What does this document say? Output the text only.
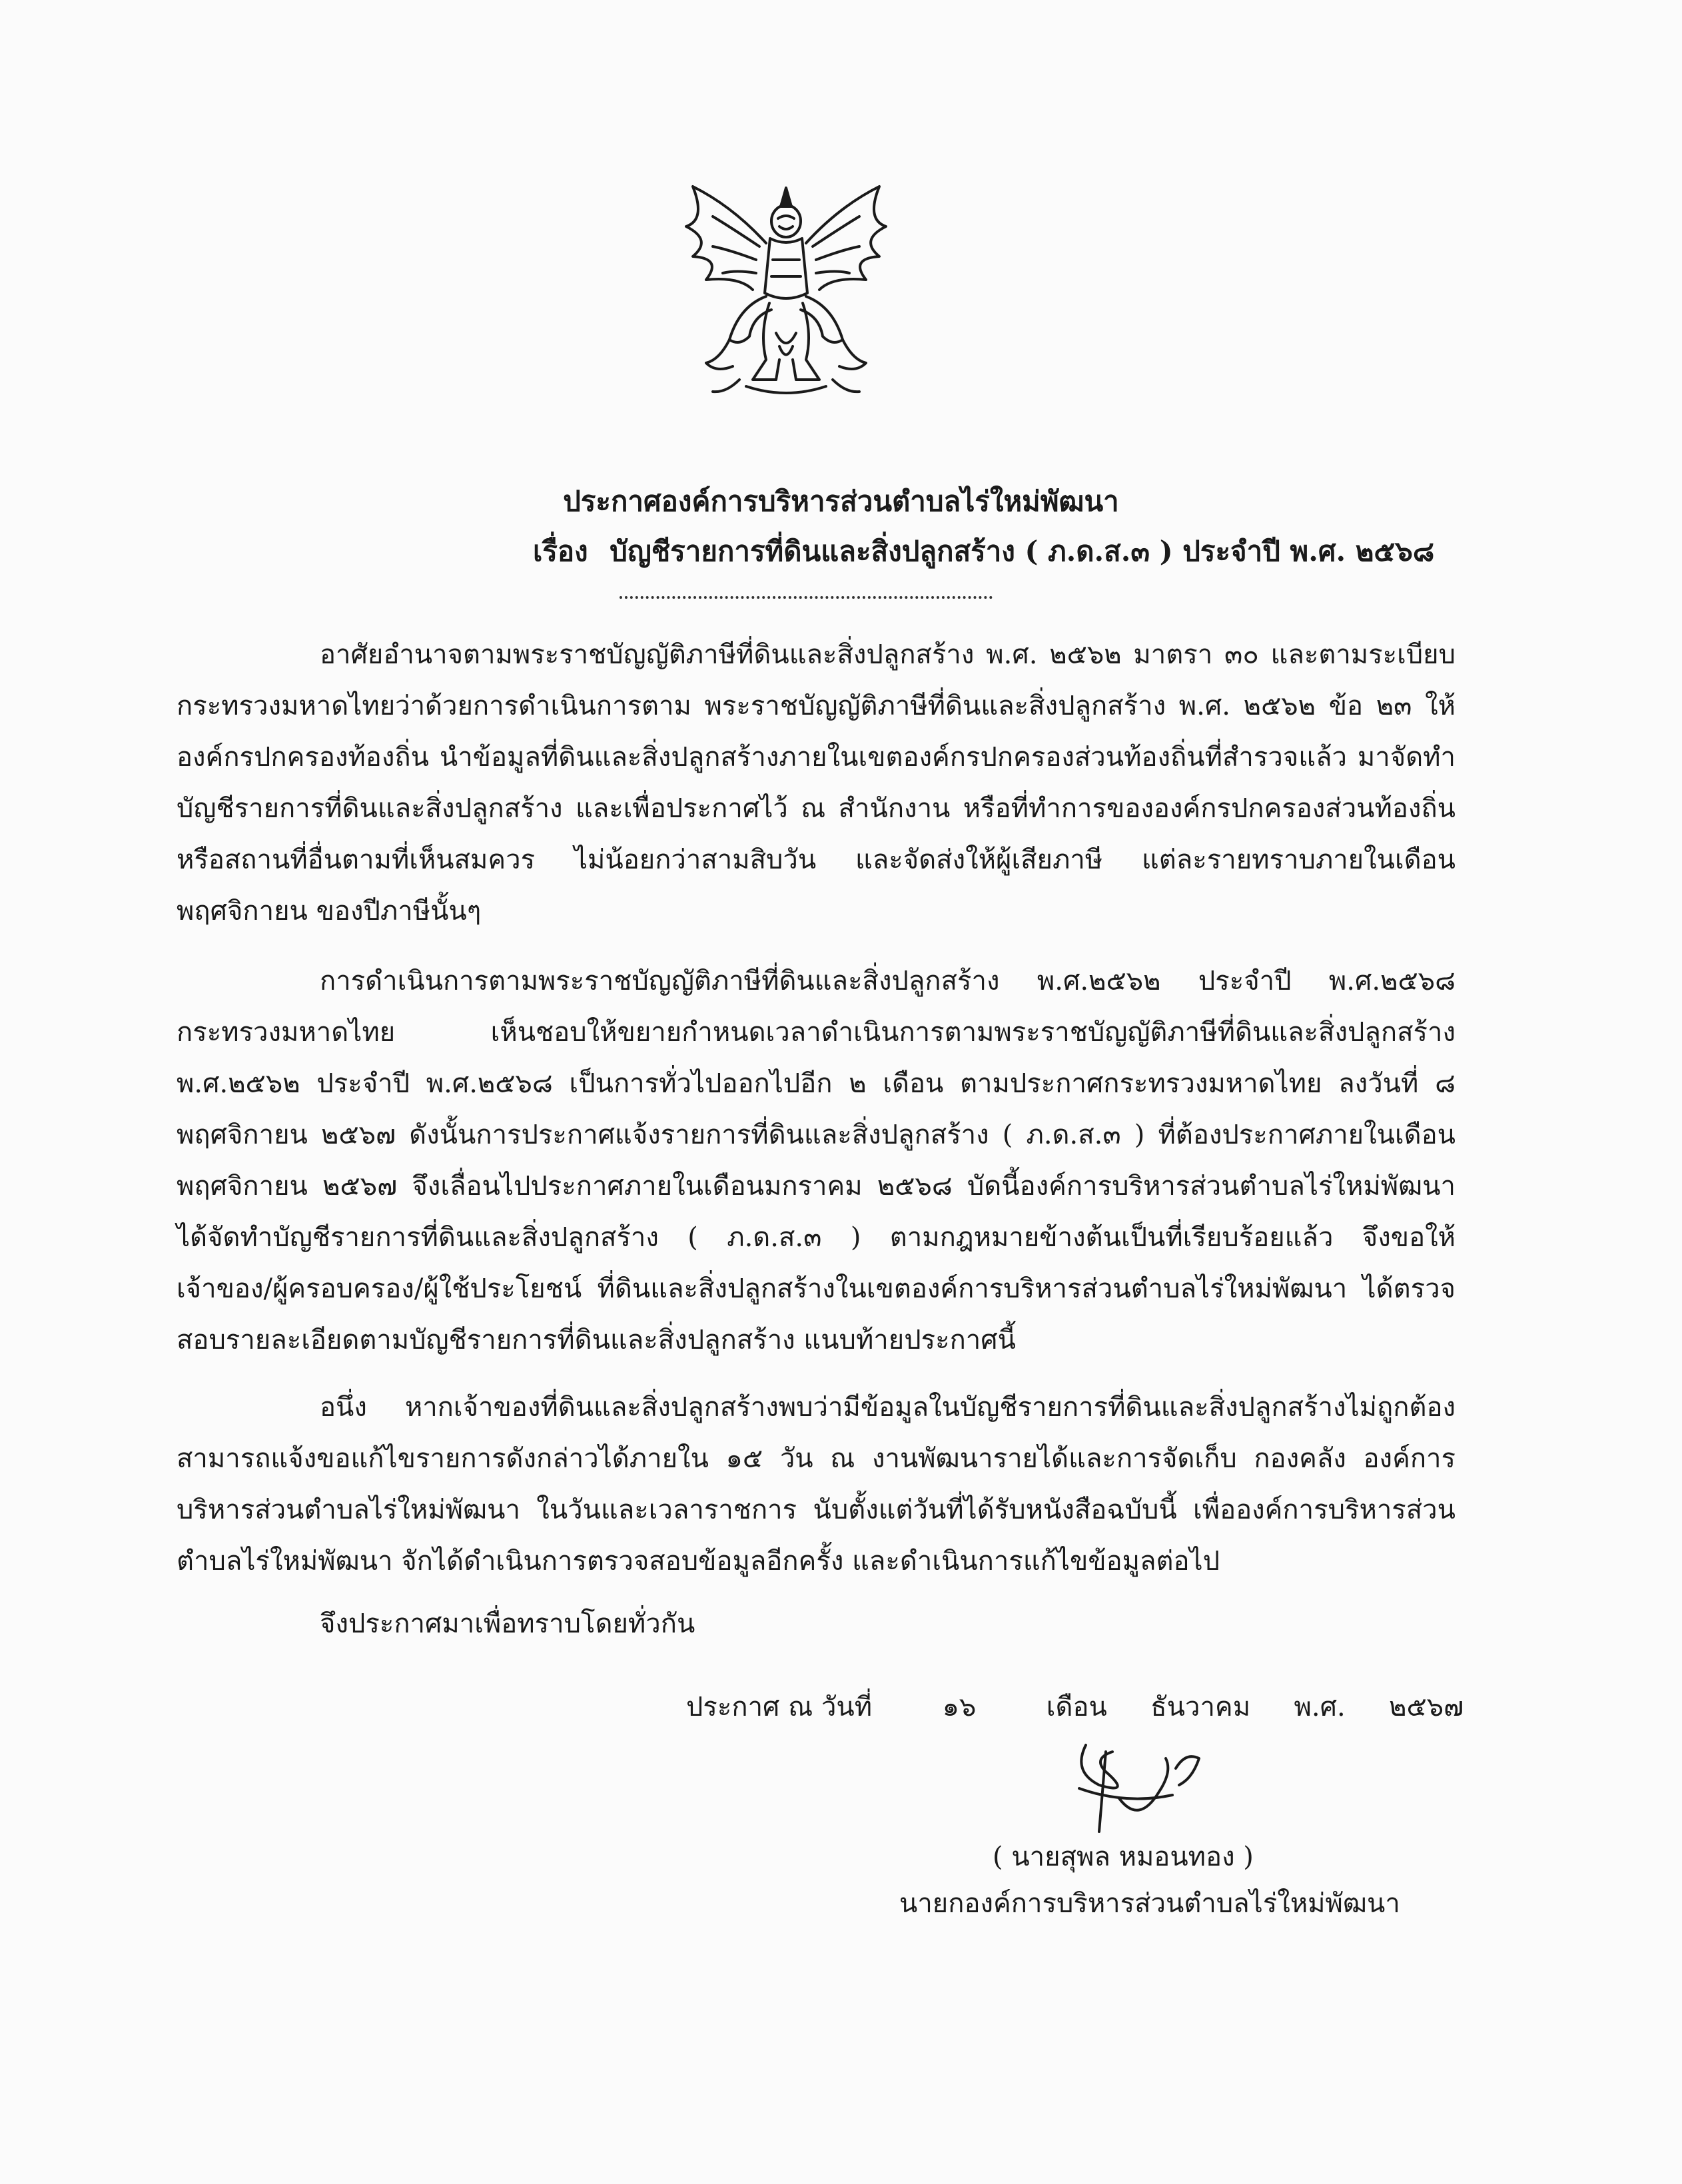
ประกาศองค์การบริหารส่วนตำบลไร่ใหม่พัฒนา
เรื่อง บัญชีรายการที่ดินและสิ่งปลูกสร้าง ( ภ.ด.ส.๓ ) ประจำปี พ.ศ. ๒๕๖๘

อาศัยอำนาจตามพระราชบัญญัติภาษีที่ดินและสิ่งปลูกสร้าง พ.ศ. ๒๕๖๒ มาตรา ๓๐ และตามระเบียบกระทรวงมหาดไทยว่าด้วยการดำเนินการตาม พระราชบัญญัติภาษีที่ดินและสิ่งปลูกสร้าง พ.ศ. ๒๕๖๒ ข้อ ๒๓ ให้องค์กรปกครองท้องถิ่น นำข้อมูลที่ดินและสิ่งปลูกสร้างภายในเขตองค์กรปกครองส่วนท้องถิ่นที่สำรวจแล้ว มาจัดทำบัญชีรายการที่ดินและสิ่งปลูกสร้าง และเพื่อประกาศไว้ ณ สำนักงาน หรือที่ทำการขององค์กรปกครองส่วนท้องถิ่น หรือสถานที่อื่นตามที่เห็นสมควร ไม่น้อยกว่าสามสิบวัน และจัดส่งให้ผู้เสียภาษี แต่ละรายทราบภายในเดือนพฤศจิกายน ของปีภาษีนั้นๆ

การดำเนินการตามพระราชบัญญัติภาษีที่ดินและสิ่งปลูกสร้าง พ.ศ.๒๕๖๒ ประจำปี พ.ศ.๒๕๖๘ กระทรวงมหาดไทย เห็นชอบให้ขยายกำหนดเวลาดำเนินการตามพระราชบัญญัติภาษีที่ดินและสิ่งปลูกสร้าง พ.ศ.๒๕๖๒ ประจำปี พ.ศ.๒๕๖๘ เป็นการทั่วไปออกไปอีก ๒ เดือน ตามประกาศกระทรวงมหาดไทย ลงวันที่ ๘ พฤศจิกายน ๒๕๖๗ ดังนั้นการประกาศแจ้งรายการที่ดินและสิ่งปลูกสร้าง ( ภ.ด.ส.๓ ) ที่ต้องประกาศภายในเดือนพฤศจิกายน ๒๕๖๗ จึงเลื่อนไปประกาศภายในเดือนมกราคม ๒๕๖๘ บัดนี้องค์การบริหารส่วนตำบลไร่ใหม่พัฒนา ได้จัดทำบัญชีรายการที่ดินและสิ่งปลูกสร้าง ( ภ.ด.ส.๓ ) ตามกฎหมายข้างต้นเป็นที่เรียบร้อยแล้ว จึงขอให้ เจ้าของ/ผู้ครอบครอง/ผู้ใช้ประโยชน์ ที่ดินและสิ่งปลูกสร้างในเขตองค์การบริหารส่วนตำบลไร่ใหม่พัฒนา ได้ตรวจสอบรายละเอียดตามบัญชีรายการที่ดินและสิ่งปลูกสร้าง แนบท้ายประกาศนี้

อนึ่ง หากเจ้าของที่ดินและสิ่งปลูกสร้างพบว่ามีข้อมูลในบัญชีรายการที่ดินและสิ่งปลูกสร้างไม่ถูกต้อง สามารถแจ้งขอแก้ไขรายการดังกล่าวได้ภายใน ๑๕ วัน ณ งานพัฒนารายได้และการจัดเก็บ กองคลัง องค์การบริหารส่วนตำบลไร่ใหม่พัฒนา ในวันและเวลาราชการ นับตั้งแต่วันที่ได้รับหนังสือฉบับนี้ เพื่อองค์การบริหารส่วนตำบลไร่ใหม่พัฒนา จักได้ดำเนินการตรวจสอบข้อมูลอีกครั้ง และดำเนินการแก้ไขข้อมูลต่อไป

จึงประกาศมาเพื่อทราบโดยทั่วกัน
ประกาศ ณ วันที่	๑๖	เดือน ธันวาคม พ.ศ. ๒๕๖๗
( นายสุพล หมอนทอง )
นายกองค์การบริหารส่วนตำบลไร่ใหม่พัฒนา
